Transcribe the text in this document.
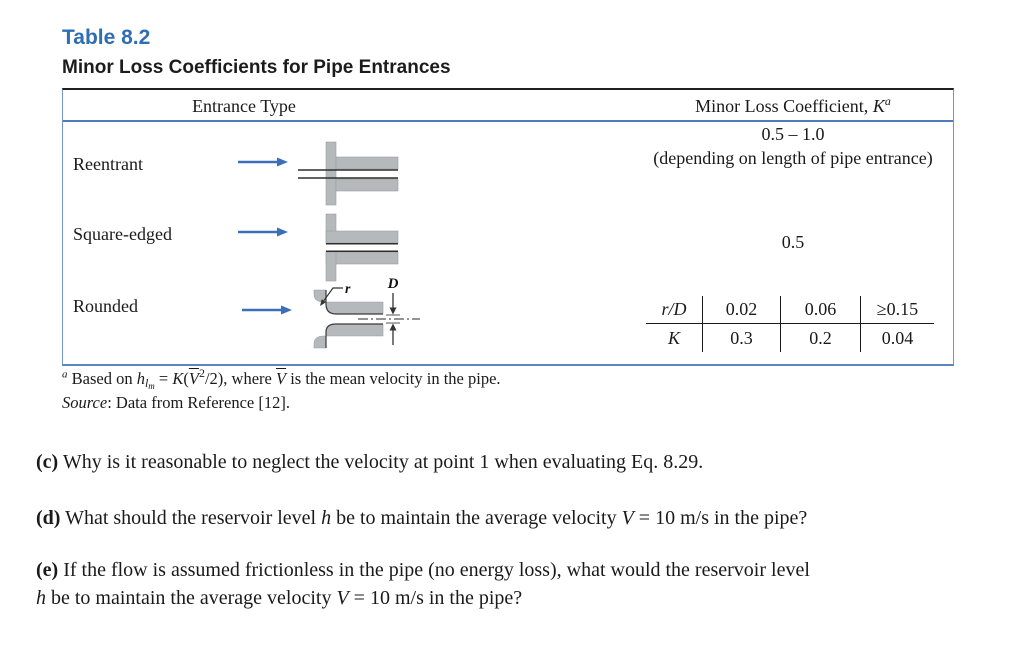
Table 8.2
Minor Loss Coefficients for Pipe Entrances
Entrance Type	Minor Loss Coefficient, $K^a$
Reentrant
0.5 – 1.0
(depending on length of pipe entrance)
Square-edged	0.5
Rounded
D
r
r/D	0.02	0.06	≥0.15
K	0.3	0.2	0.04
$^a$ Based on $h_{l_m} = K(\overline{V}^2/2)$, where $\overline{V}$ is the mean velocity in the pipe.
Source: Data from Reference [12].
(c) Why is it reasonable to neglect the velocity at point 1 when evaluating Eq. 8.29.
(d) What should the reservoir level h be to maintain the average velocity V = 10 m/s in the pipe?
(e) If the flow is assumed frictionless in the pipe (no energy loss), what would the reservoir level
h be to maintain the average velocity V = 10 m/s in the pipe?
